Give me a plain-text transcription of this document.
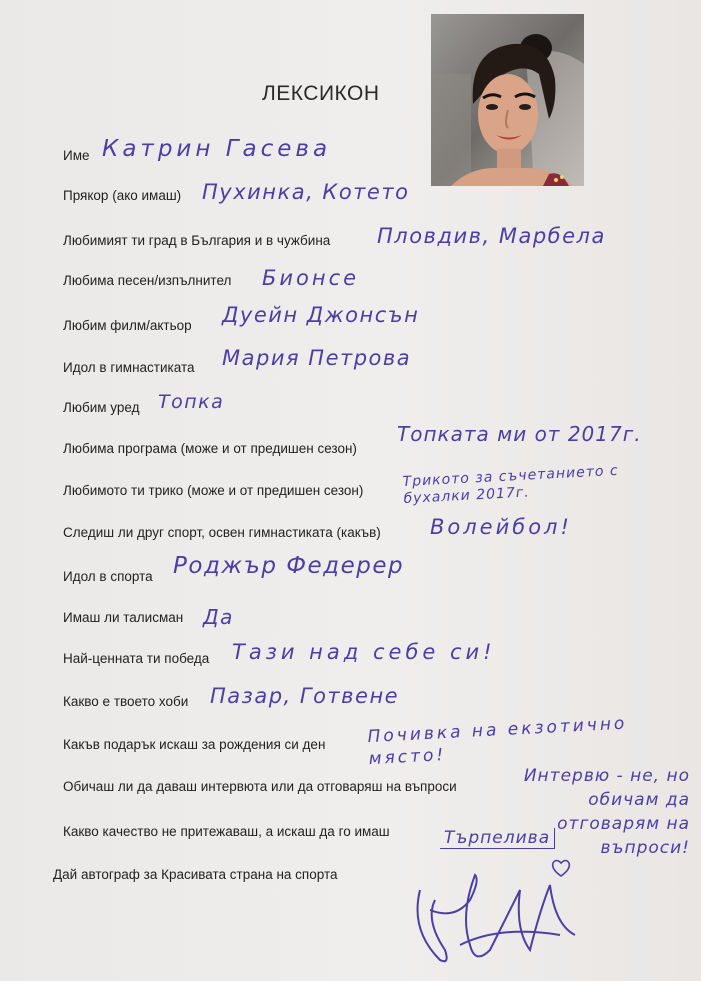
ЛЕКСИКОН
Име Катрин Гасева
Прякор (ако имаш) Пухинка, Котето
Любимият ти град в България и в чужбина Пловдив, Марбела
Любима песен/изпълнител Бионсе
Любим филм/актьор Дуейн Джонсън
Идол в гимнастиката Мария Петрова
Любим уред Топка
Любима програма (може и от предишен сезон)
Топката ми от 2017г.
Любимото ти трико (може и от предишен сезон)
Трикото за съчетанието с бухалки 2017г.
Следиш ли друг спорт, освен гимнастиката (какъв) Волейбол!
Идол в спорта Роджър Федерер
Имаш ли талисман Да
Най-ценната ти победа Тази над себе си!
Какво е твоето хоби Пазар, Готвене
Какъв подарък искаш за рождения си ден Почивка на екзотично място!
Обичаш ли да даваш интервюта или да отговаряш на въпроси
Интервю - не, но обичам да отговарям на въпроси!
Какво качество не притежаваш, а искаш да го имаш	Търпелива
Дай автограф за Красивата страна на спорта
